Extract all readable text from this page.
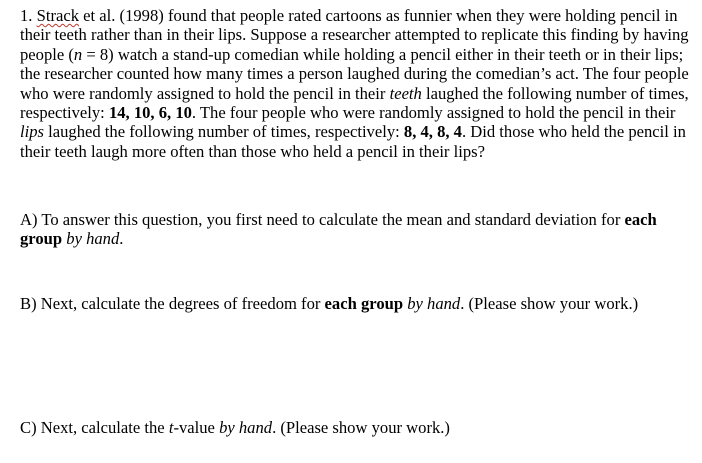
1. Strack et al. (1998) found that people rated cartoons as funnier when they were holding pencil in their teeth rather than in their lips. Suppose a researcher attempted to replicate this finding by having people (n = 8) watch a stand-up comedian while holding a pencil either in their teeth or in their lips; the researcher counted how many times a person laughed during the comedian’s act. The four people who were randomly assigned to hold the pencil in their teeth laughed the following number of times, respectively: 14, 10, 6, 10. The four people who were randomly assigned to hold the pencil in their lips laughed the following number of times, respectively: 8, 4, 8, 4. Did those who held the pencil in their teeth laugh more often than those who held a pencil in their lips?

A) To answer this question, you first need to calculate the mean and standard deviation for each group by hand.

B) Next, calculate the degrees of freedom for each group by hand. (Please show your work.)

C) Next, calculate the t-value by hand. (Please show your work.)
